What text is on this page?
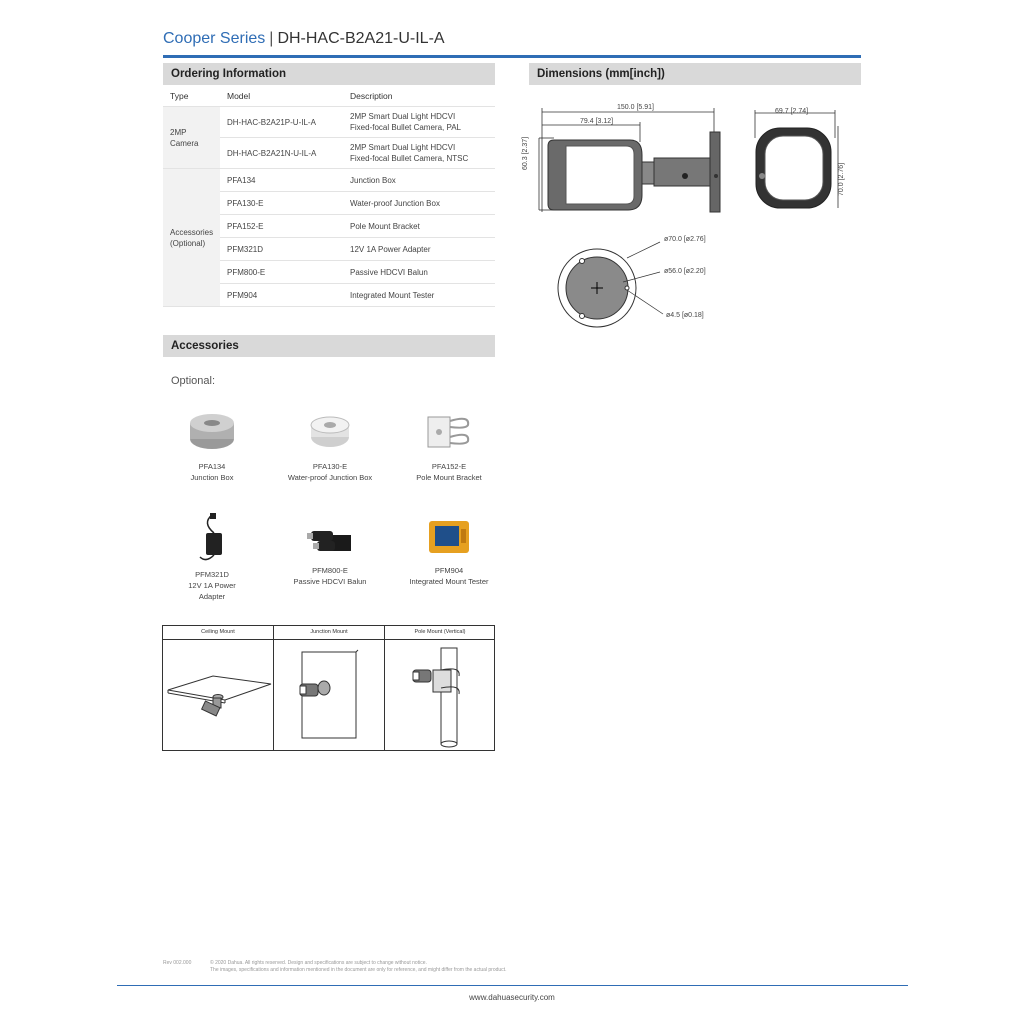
Cooper Series | DH-HAC-B2A21-U-IL-A
Ordering Information
Type	Model	Description
2MP Camera	DH-HAC-B2A21P-U-IL-A	2MP Smart Dual Light HDCVI
Fixed-focal Bullet Camera, PAL
	DH-HAC-B2A21N-U-IL-A	2MP Smart Dual Light HDCVI
Fixed-focal Bullet Camera, NTSC
Accessories (Optional)	PFA134	Junction Box
	PFA130-E	Water-proof Junction Box
	PFA152-E	Pole Mount Bracket
	PFM321D	12V 1A Power Adapter
	PFM800-E	Passive HDCVI Balun
	PFM904	Integrated Mount Tester
Dimensions (mm[inch])
150.0 [5.91]
79.4 [3.12]
60.3 [2.37]
69.7 [2.74]
70.0 [2.76]
ø70.0 [ø2.76]
ø56.0 [ø2.20]
ø4.5 [ø0.18]
Accessories
Optional:
PFA134
Junction Box
PFA130-E
Water-proof Junction Box
PFA152-E
Pole Mount Bracket
PFM321D
12V 1A Power Adapter
PFM800-E
Passive HDCVI Balun
PFM904
Integrated Mount Tester
Ceiling Mount	Junction Mount	Pole Mount (Vertical)
Rev 002.000	© 2020 Dahua. All rights reserved. Design and specifications are subject to change without notice.
The images, specifications and information mentioned in the document are only for reference, and might differ from the actual product.
www.dahuasecurity.com
